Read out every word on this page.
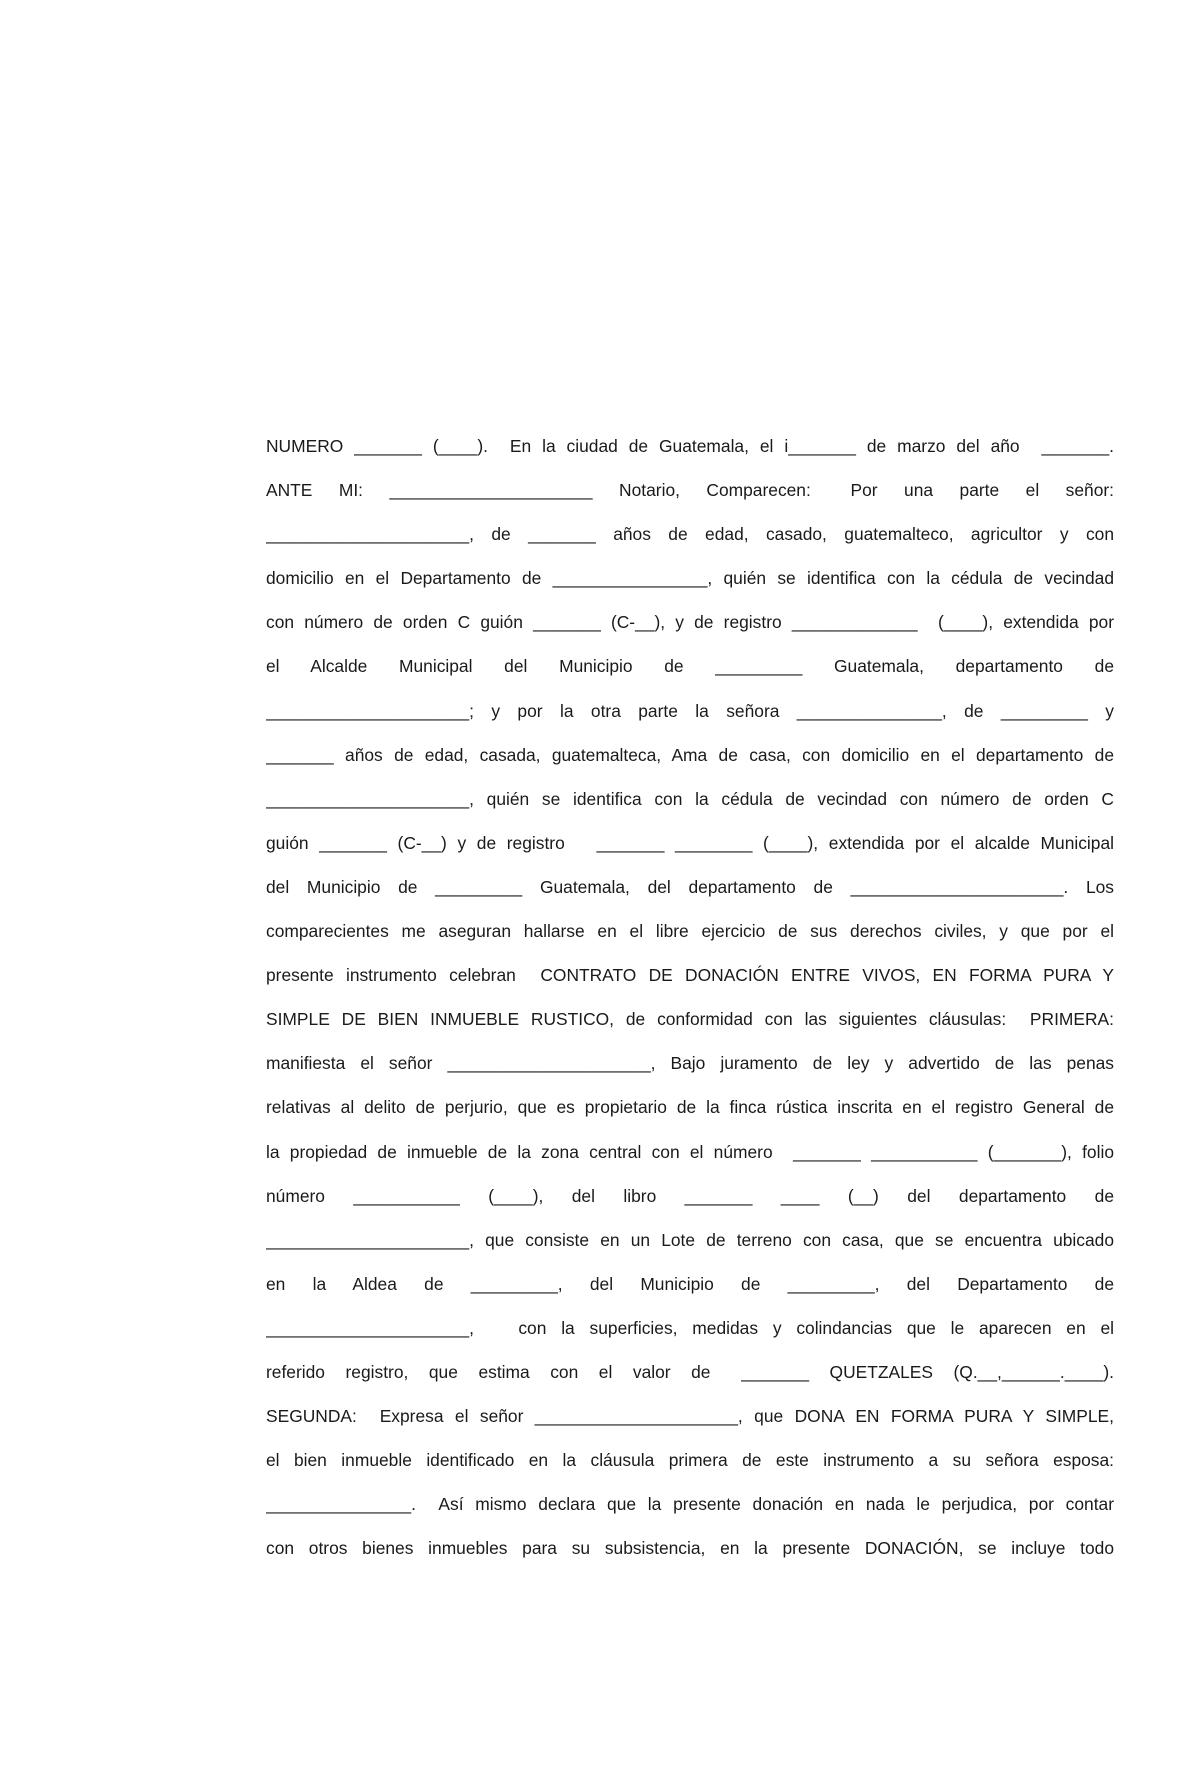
NUMERO _______ (____).  En la ciudad de Guatemala, el i_______ de marzo del año  _______.
ANTE  MI:  _____________________  Notario,  Comparecen:   Por  una  parte  el  señor:
_____________________,  de  _______  años  de  edad,  casado,  guatemalteco,  agricultor  y  con
domicilio en el Departamento de ________________, quién se identifica con la cédula de vecindad
con número de orden C guión _______ (C-__), y de registro _____________  (____), extendida por
el   Alcalde   Municipal   del   Municipio   de   _________   Guatemala,   departamento   de
_____________________;  y  por  la  otra  parte  la  señora  _______________,  de  _________  y
_______ años de edad, casada, guatemalteca, Ama de casa, con domicilio en el departamento de
_____________________, quién se identifica con la cédula de vecindad con número de orden C
guión _______ (C-__) y de registro   _______ ________ (____), extendida por el alcalde Municipal
del  Municipio  de  _________  Guatemala,  del  departamento  de  ______________________.  Los
comparecientes me aseguran hallarse en el libre ejercicio de sus derechos civiles, y que por el
presente instrumento celebran  CONTRATO DE DONACIÓN ENTRE VIVOS, EN FORMA PURA Y
SIMPLE DE BIEN INMUEBLE RUSTICO, de conformidad con las siguientes cláusulas:  PRIMERA:
manifiesta el señor _____________________, Bajo juramento de ley y advertido de las penas
relativas al delito de perjurio, que es propietario de la finca rústica inscrita en el registro General de
la propiedad de inmueble de la zona central con el número  _______ ___________ (_______), folio
número   ___________   (____),   del   libro   _______   ____   (__)   del   departamento   de
_____________________, que consiste en un Lote de terreno con casa, que se encuentra ubicado
en   la   Aldea   de   _________,   del   Municipio   de   _________,   del   Departamento   de
_____________________,   con la superficies, medidas y colindancias que le aparecen en el
referido  registro,  que  estima  con  el  valor  de   _______  QUETZALES  (Q.__,______.____).
SEGUNDA:  Expresa el señor _____________________, que DONA EN FORMA PURA Y SIMPLE,
el bien inmueble identificado en la cláusula primera de este instrumento a su señora esposa:
_______________.  Así mismo declara que la presente donación en nada le perjudica, por contar
con otros bienes inmuebles para su subsistencia, en la presente DONACIÓN, se incluye todo
